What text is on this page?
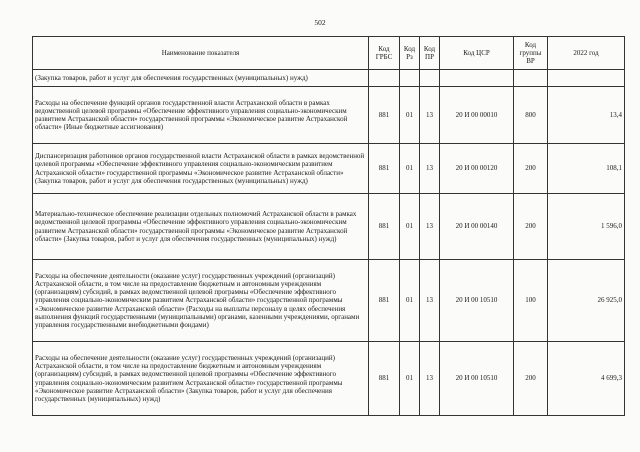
502
Наименование показателя	Код ГРБС	Код Рз	Код ПР	Код ЦСР	Код группы ВР	2022 год
(Закупка товаров, работ и услуг для обеспечения государственных (муниципальных) нужд)						
Расходы на обеспечение функций органов государственной власти Астраханской области в рамках ведомственной целевой программы «Обеспечение эффективного управления социально-экономическим развитием Астраханской области» государственной программы «Экономическое развитие Астраханской области» (Иные бюджетные ассигнования)	881	01	13	20 И 00 00010	800	13,4
Диспансеризация работников органов государственной власти Астраханской области в рамках ведомственной целевой программы «Обеспечение эффективного управления социально-экономическим развитием Астраханской области» государственной программы «Экономическое развитие Астраханской области» (Закупка товаров, работ и услуг для обеспечения государственных (муниципальных) нужд)	881	01	13	20 И 00 00120	200	108,1
Материально-техническое обеспечение реализации отдельных полномочий Астраханской области в рамках ведомственной целевой программы «Обеспечение эффективного управления социально-экономическим развитием Астраханской области» государственной программы «Экономическое развитие Астраханской области» (Закупка товаров, работ и услуг для обеспечения государственных (муниципальных) нужд)	881	01	13	20 И 00 00140	200	1 596,0
Расходы на обеспечение деятельности (оказание услуг) государственных учреждений (организаций) Астраханской области, в том числе на предоставление бюджетным и автономным учреждениям (организациям) субсидий, в рамках ведомственной целевой программы «Обеспечение эффективного управления социально-экономическим развитием Астраханской области» государственной программы «Экономическое развитие Астраханской области» (Расходы на выплаты персоналу в целях обеспечения выполнения функций государственными (муниципальными) органами, казенными учреждениями, органами управления государственными внебюджетными фондами)	881	01	13	20 И 00 10510	100	26 925,0
Расходы на обеспечение деятельности (оказание услуг) государственных учреждений (организаций) Астраханской области, в том числе на предоставление бюджетным и автономным учреждениям (организациям) субсидий, в рамках ведомственной целевой программы «Обеспечение эффективного управления социально-экономическим развитием Астраханской области» государственной программы «Экономическое развитие Астраханской области» (Закупка товаров, работ и услуг для обеспечения государственных (муниципальных) нужд)	881	01	13	20 И 00 10510	200	4 699,3
